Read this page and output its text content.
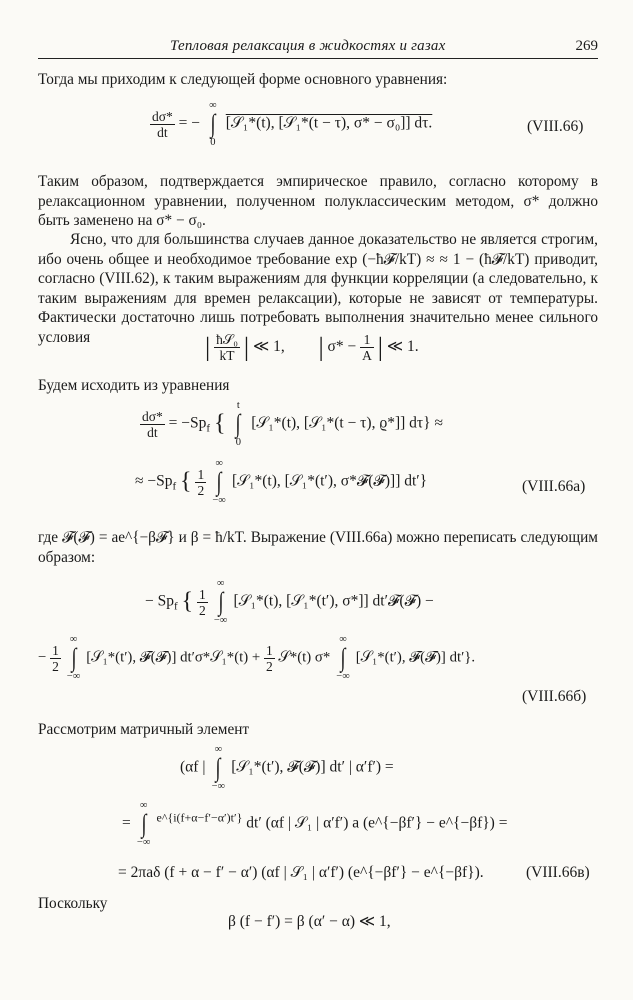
Тепловая релаксация в жидкостях и газах	269
Тогда мы приходим к следующей форме основного уравнения:
$\frac{d\sigma*}{dt}$ = −
∞
∫
0
[𝒮₁*(t), [𝒮₁*(t − τ), σ* − σ₀]] dτ.	(VIII.66)
Таким образом, подтверждается эмпирическое правило, согласно которому в релаксационном уравнении, полученном полуклассическим методом, σ* должно быть заменено на σ* − σ₀.
Ясно, что для большинства случаев данное доказательство не является строгим, ибо очень общее и необходимое требование exp (−ħ𝓕/kT) ≈ ≈ 1 − (ħ𝓕/kT) приводит, согласно (VIII.62), к таким выражениям для функции корреляции (а следовательно, к таким выражениям для времен релаксации), которые не зависят от температуры. Фактически достаточно лишь потребовать выполнения значительно менее сильного условия	| $\frac{\text{ħ𝒮₀}}{kT}$ | ≪ 1, | $\sigma* - \frac{1}{A}$ | ≪ 1.
Будем исходить из уравнения
$\frac{d\sigma*}{dt} = -Sp_f$ {
t
∫
0
[𝒮₁*(t), [𝒮₁*(t − τ), ϱ*]] dτ} ≈
≈ $-Sp_f$ { $\frac{1}{2}$

∞
∫
−∞
[𝒮₁*(t), [𝒮₁*(t′), σ*𝓕(𝓕)]] dt′}	(VIII.66а)
где 𝓕(𝓕) = ae^{−β𝓕} и β = ħ/kT. Выражение (VIII.66а) можно переписать следующим образом:
− $Sp_f$ { $\frac{1}{2}$

∞
∫
−∞
[𝒮₁*(t), [𝒮₁*(t′), σ*]] dt′𝓕(𝓕) −
− $\frac{1}{2}$

∞
∫
−∞
[𝒮₁*(t′), 𝓕(𝓕)] dt′σ*𝒮₁*(t) + $\frac{1}{2}$ 𝒮*(t) σ*
∞
∫
−∞
[𝒮₁*(t′), 𝓕(𝓕)] dt′}.
(VIII.66б)
Рассмотрим матричный элемент
(αf |
∞
∫
−∞
[𝒮₁*(t′), 𝓕(𝓕)] dt′ | α′f′) =
=
∞
∫
−∞
$^{e\^{}\{i(f+\alpha-f'-\alpha')t'\}}$ dt′ (αf | 𝒮₁ | α′f′) a (e^{−βf′} − e^{−βf}) =
= 2πaδ (f + α − f′ − α′) (αf | 𝒮₁ | α′f′) (e^{−βf′} − e^{−βf}).	(VIII.66в)
Поскольку
β (f − f′) = β (α′ − α) ≪ 1,
